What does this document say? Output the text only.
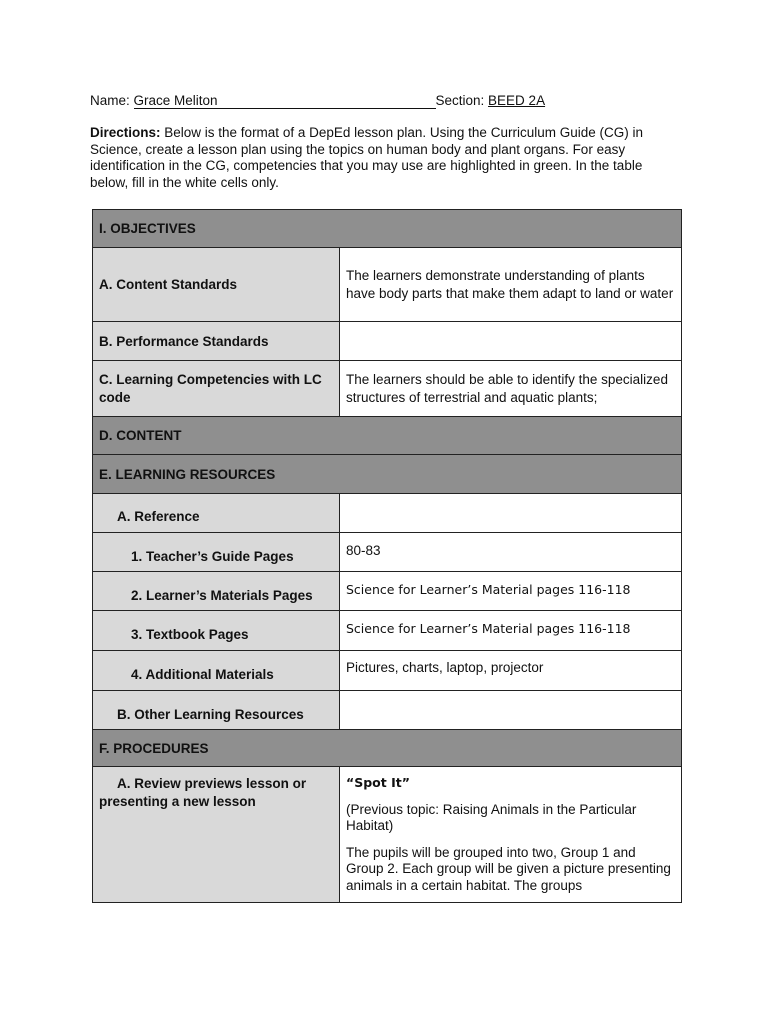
Name: Grace Meliton	Section: BEED 2A
Directions: Below is the format of a DepEd lesson plan. Using the Curriculum Guide (CG) in Science, create a lesson plan using the topics on human body and plant organs. For easy identification in the CG, competencies that you may use are highlighted in green. In the table below, fill in the white cells only.
I. OBJECTIVES	
A. Content Standards	The learners demonstrate understanding of plants have body parts that make them adapt to land or water
B. Performance Standards	
C. Learning Competencies with LC code	The learners should be able to identify the specialized structures of terrestrial and aquatic plants;
D. CONTENT	
E. LEARNING RESOURCES	
A. Reference	
1. Teacher’s Guide Pages	80-83
2. Learner’s Materials Pages	Science for Learner’s Material pages 116-118
3. Textbook Pages	Science for Learner’s Material pages 116-118
4. Additional Materials	Pictures, charts, laptop, projector
B. Other Learning Resources	
F. PROCEDURES	
A. Review previews lesson or presenting a new lesson	“Spot It”

(Previous topic: Raising Animals in the Particular Habitat)

The pupils will be grouped into two, Group 1 and Group 2. Each group will be given a picture presenting animals in a certain habitat. The groups
